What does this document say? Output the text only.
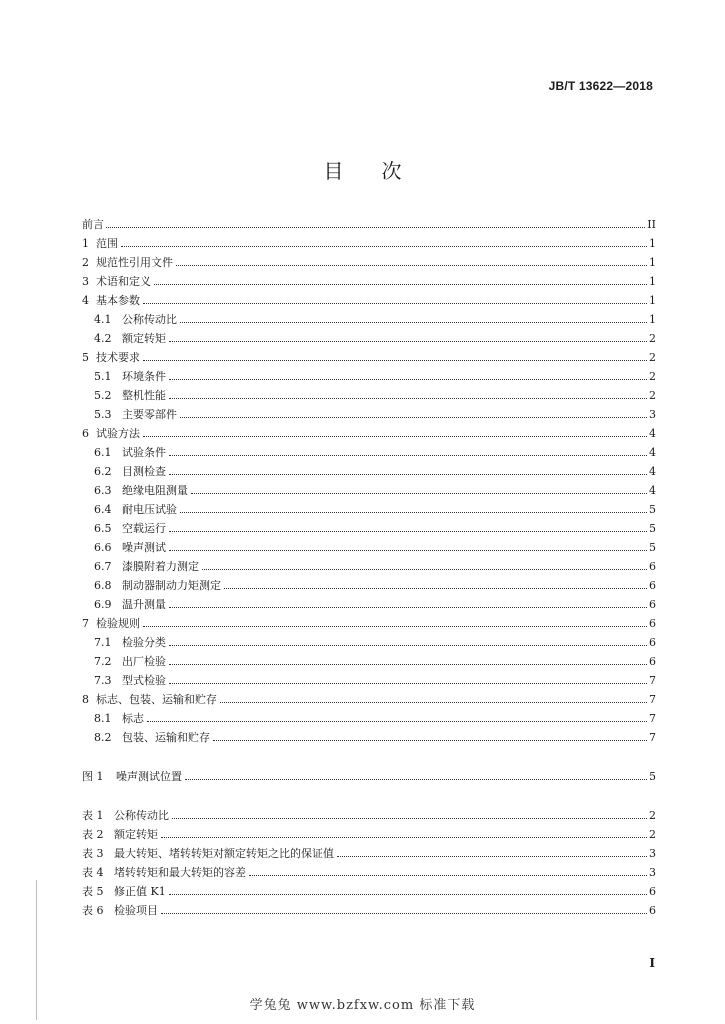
JB/T 13622—2018
目次
前言	II
1 范围	1
2 规范性引用文件	1
3 术语和定义	1
4 基本参数	1
4.1 公称传动比	1
4.2 额定转矩	2
5 技术要求	2
5.1 环境条件	2
5.2 整机性能	2
5.3 主要零部件	3
6 试验方法	4
6.1 试验条件	4
6.2 目测检查	4
6.3 绝缘电阻测量	4
6.4 耐电压试验	5
6.5 空载运行	5
6.6 噪声测试	5
6.7 漆膜附着力测定	6
6.8 制动器制动力矩测定	6
6.9 温升测量	6
7 检验规则	6
7.1 检验分类	6
7.2 出厂检验	6
7.3 型式检验	7
8 标志、包装、运输和贮存	7
8.1 标志	7
8.2 包装、运输和贮存	7
图 1	噪声测试位置	5
表 1 公称传动比	2
表 2 额定转矩	2
表 3 最大转矩、堵转转矩对额定转矩之比的保证值	3
表 4 堵转转矩和最大转矩的容差	3
表 5 修正值 K1	6
表 6 检验项目	6
I
学兔兔 www.bzfxw.com 标准下载
